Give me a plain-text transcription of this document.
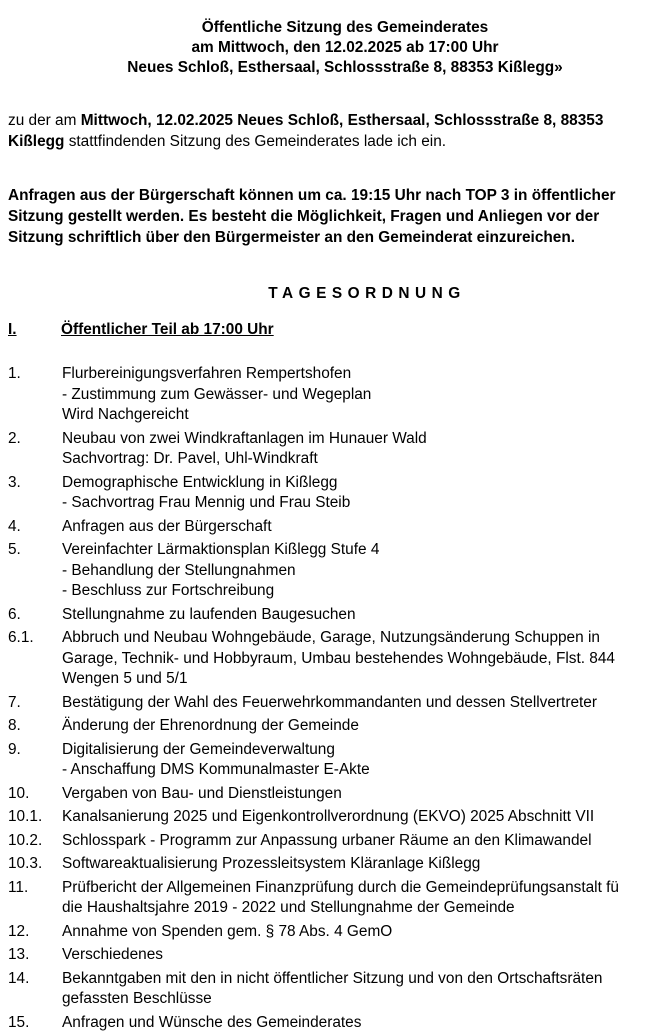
Öffentliche Sitzung des Gemeinderates
am Mittwoch, den 12.02.2025 ab 17:00 Uhr
Neues Schloß, Esthersaal, Schlossstraße 8, 88353 Kißlegg»
zu der am Mittwoch, 12.02.2025 Neues Schloß, Esthersaal, Schlossstraße 8, 88353
Kißlegg stattfindenden Sitzung des Gemeinderates lade ich ein.
Anfragen aus der Bürgerschaft können um ca. 19:15 Uhr nach TOP 3 in öffentlicher
Sitzung gestellt werden. Es besteht die Möglichkeit, Fragen und Anliegen vor der
Sitzung schriftlich über den Bürgermeister an den Gemeinderat einzureichen.
TAGESORDNUNG
I.	Öffentlicher Teil ab 17:00 Uhr
1.	Flurbereinigungsverfahren Rempertshofen
- Zustimmung zum Gewässer- und Wegeplan
Wird Nachgereicht
2.	Neubau von zwei Windkraftanlagen im Hunauer Wald
Sachvortrag: Dr. Pavel, Uhl-Windkraft
3.	Demographische Entwicklung in Kißlegg
- Sachvortrag Frau Mennig und Frau Steib
4.	Anfragen aus der Bürgerschaft
5.	Vereinfachter Lärmaktionsplan Kißlegg Stufe 4
- Behandlung der Stellungnahmen
- Beschluss zur Fortschreibung
6.	Stellungnahme zu laufenden Baugesuchen
6.1.	Abbruch und Neubau Wohngebäude, Garage, Nutzungsänderung Schuppen in
Garage, Technik- und Hobbyraum, Umbau bestehendes Wohngebäude, Flst. 844
Wengen 5 und 5/1
7.	Bestätigung der Wahl des Feuerwehrkommandanten und dessen Stellvertreter
8.	Änderung der Ehrenordnung der Gemeinde
9.	Digitalisierung der Gemeindeverwaltung
- Anschaffung DMS Kommunalmaster E-Akte
10.	Vergaben von Bau- und Dienstleistungen
10.1.	Kanalsanierung 2025 und Eigenkontrollverordnung (EKVO) 2025 Abschnitt VII
10.2.	Schlosspark - Programm zur Anpassung urbaner Räume an den Klimawandel
10.3.	Softwareaktualisierung Prozessleitsystem Kläranlage Kißlegg
11.	Prüfbericht der Allgemeinen Finanzprüfung durch die Gemeindeprüfungsanstalt fü
die Haushaltsjahre 2019 - 2022 und Stellungnahme der Gemeinde
12.	Annahme von Spenden gem. § 78 Abs. 4 GemO
13.	Verschiedenes
14.	Bekanntgaben mit den in nicht öffentlicher Sitzung und von den Ortschaftsräten
gefassten Beschlüsse
15.	Anfragen und Wünsche des Gemeinderates
